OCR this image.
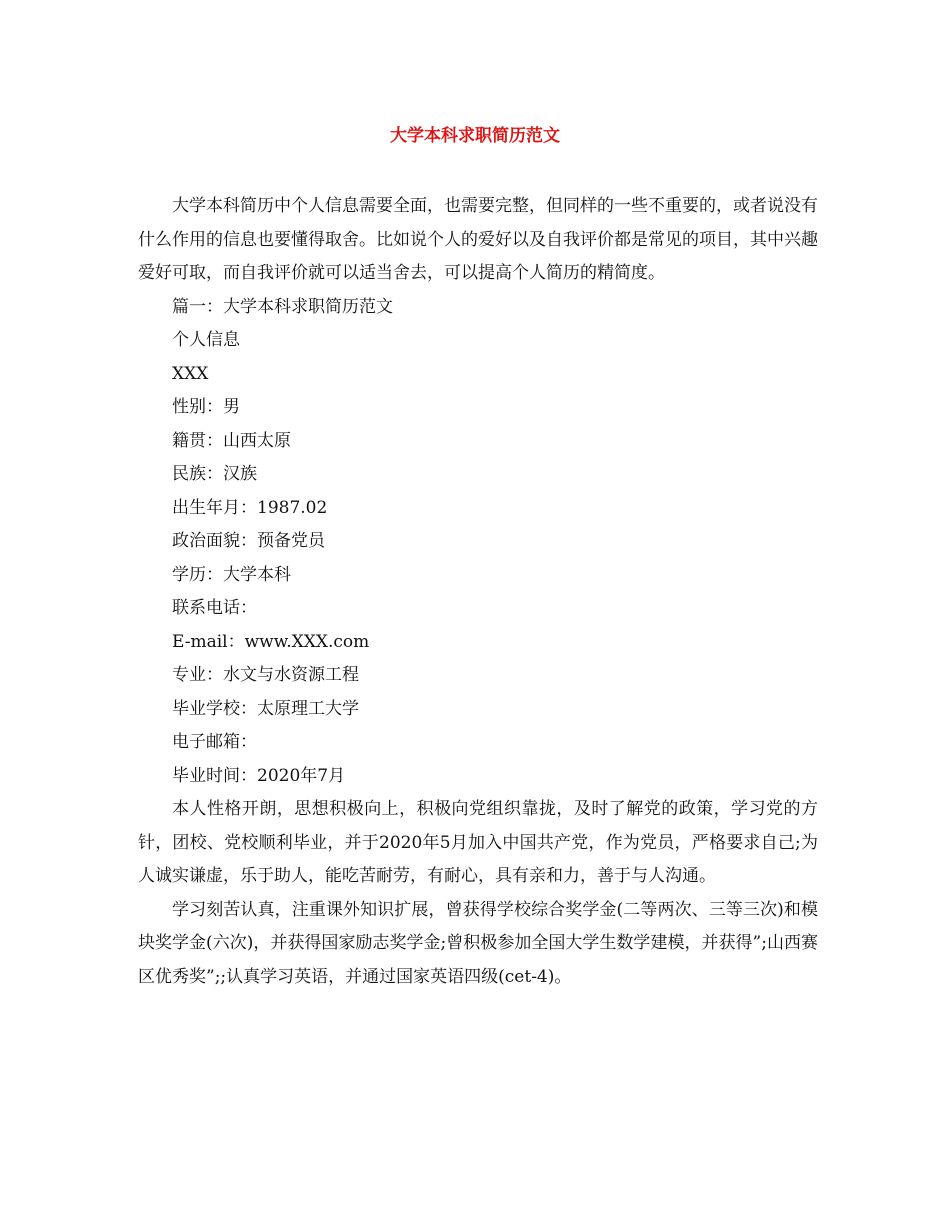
大学本科求职简历范文

大学本科简历中个人信息需要全面，也需要完整，但同样的一些不重要的，或者说没有什么作用的信息也要懂得取舍。比如说个人的爱好以及自我评价都是常见的项目，其中兴趣爱好可取，而自我评价就可以适当舍去，可以提高个人简历的精简度。

篇一：大学本科求职简历范文

个人信息

XXX

性别：男

籍贯：山西太原

民族：汉族

出生年月：1987.02

政治面貌：预备党员

学历：大学本科

联系电话：

E-mail：www.XXX.com

专业：水文与水资源工程

毕业学校：太原理工大学

电子邮箱：

毕业时间：2020年7月

本人性格开朗，思想积极向上，积极向党组织靠拢，及时了解党的政策，学习党的方针，团校、党校顺利毕业，并于2020年5月加入中国共产党，作为党员，严格要求自己;为人诚实谦虚，乐于助人，能吃苦耐劳，有耐心，具有亲和力，善于与人沟通。

学习刻苦认真，注重课外知识扩展，曾获得学校综合奖学金(二等两次、三等三次)和模块奖学金(六次)，并获得国家励志奖学金;曾积极参加全国大学生数学建模，并获得”;山西赛区优秀奖”;;认真学习英语，并通过国家英语四级(cet-4)。
